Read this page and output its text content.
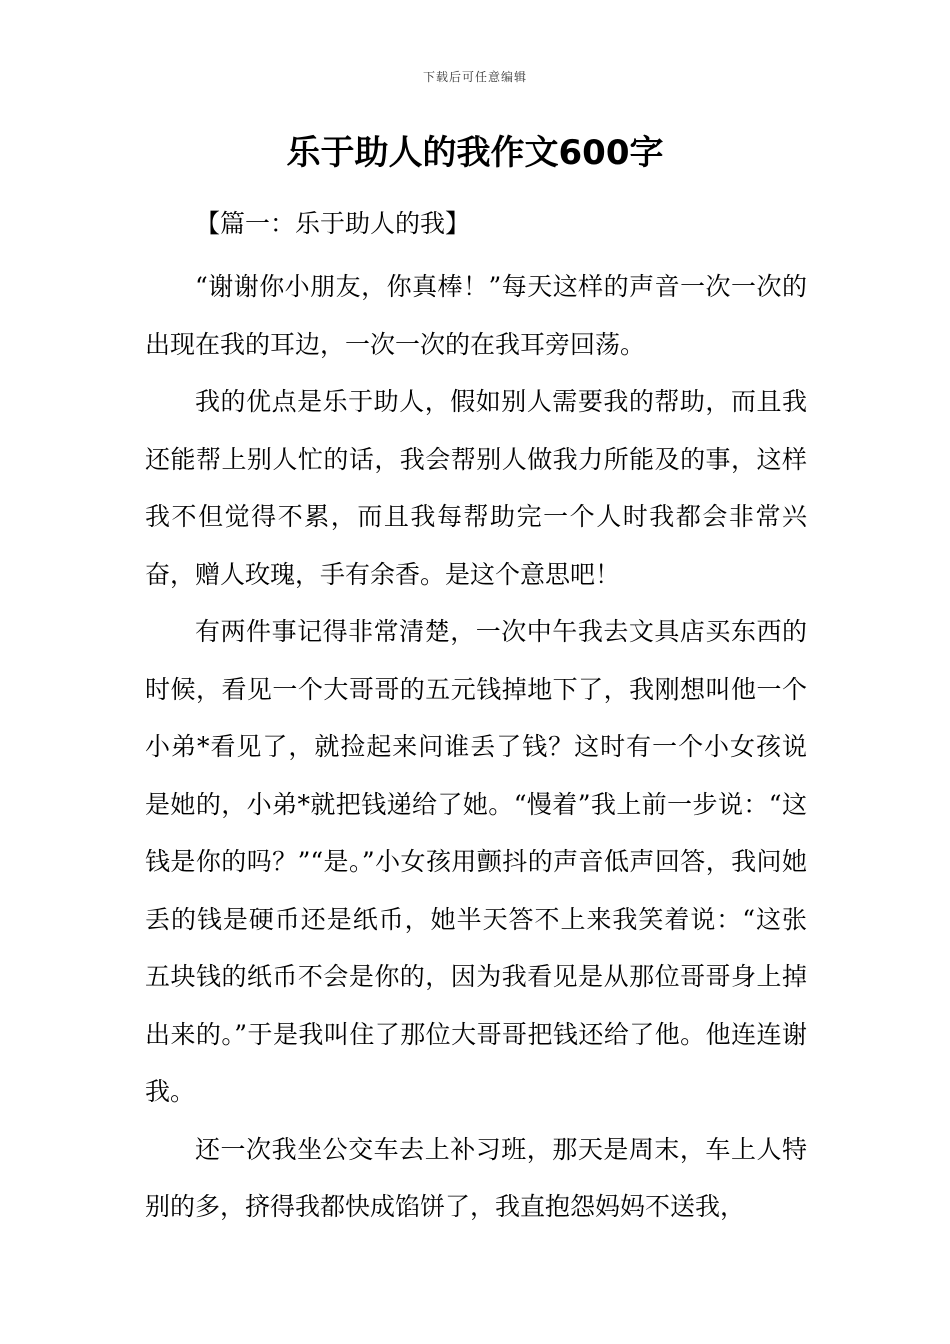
下载后可任意编辑
乐于助人的我作文600字

【篇一：乐于助人的我】

“谢谢你小朋友，你真棒！”每天这样的声音一次一次的出现在我的耳边，一次一次的在我耳旁回荡。

我的优点是乐于助人，假如别人需要我的帮助，而且我还能帮上别人忙的话，我会帮别人做我力所能及的事，这样我不但觉得不累，而且我每帮助完一个人时我都会非常兴奋，赠人玫瑰，手有余香。是这个意思吧！

有两件事记得非常清楚，一次中午我去文具店买东西的时候，看见一个大哥哥的五元钱掉地下了，我刚想叫他一个小弟*看见了，就捡起来问谁丢了钱？这时有一个小女孩说是她的，小弟*就把钱递给了她。“慢着”我上前一步说：“这钱是你的吗？”“是。”小女孩用颤抖的声音低声回答，我问她丢的钱是硬币还是纸币，她半天答不上来我笑着说：“这张五块钱的纸币不会是你的，因为我看见是从那位哥哥身上掉出来的。”于是我叫住了那位大哥哥把钱还给了他。他连连谢我。

还一次我坐公交车去上补习班，那天是周末，车上人特别的多，挤得我都快成馅饼了，我直抱怨妈妈不送我，
